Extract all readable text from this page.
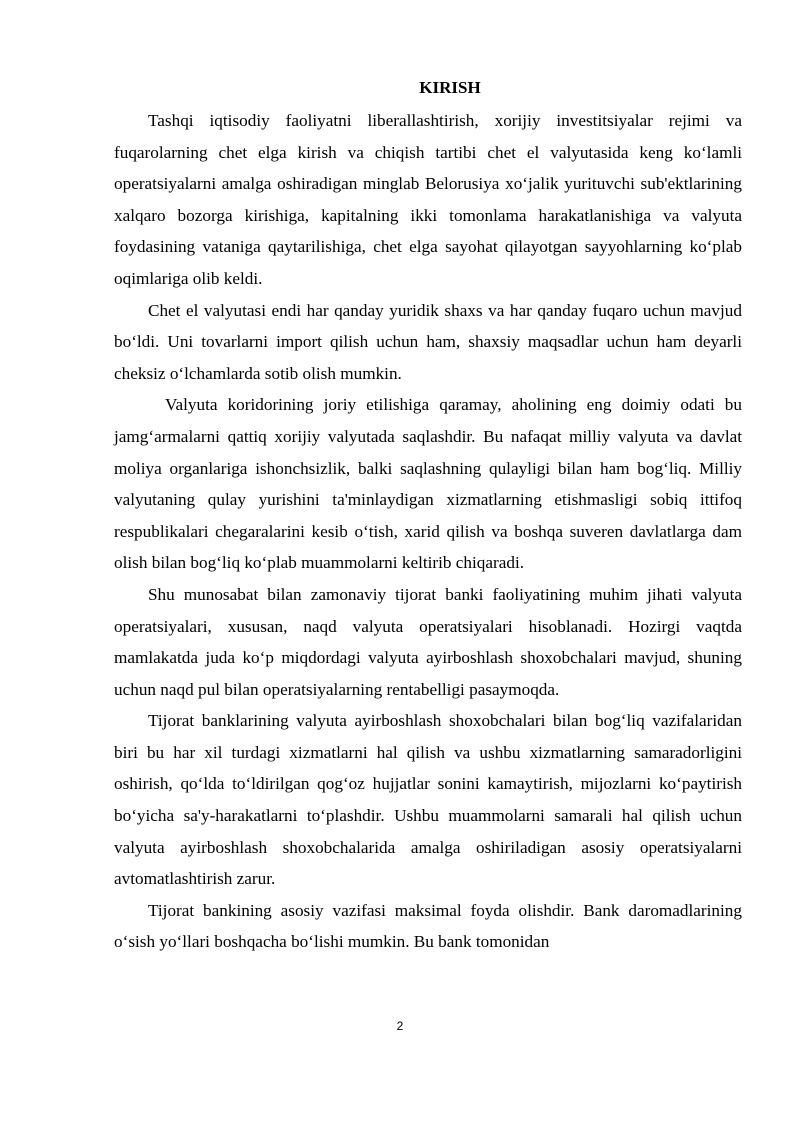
KIRISH

Tashqi iqtisodiy faoliyatni liberallashtirish, xorijiy investitsiyalar rejimi va fuqarolarning chet elga kirish va chiqish tartibi chet el valyutasida keng koʻlamli operatsiyalarni amalga oshiradigan minglab Belorusiya xoʻjalik yurituvchi sub'ektlarining xalqaro bozorga kirishiga, kapitalning ikki tomonlama harakatlanishiga va valyuta foydasining vataniga qaytarilishiga, chet elga sayohat qilayotgan sayyohlarning koʻplab oqimlariga olib keldi.

Chet el valyutasi endi har qanday yuridik shaxs va har qanday fuqaro uchun mavjud boʻldi. Uni tovarlarni import qilish uchun ham, shaxsiy maqsadlar uchun ham deyarli cheksiz oʻlchamlarda sotib olish mumkin.

Valyuta koridorining joriy etilishiga qaramay, aholining eng doimiy odati bu jamgʻarmalarni qattiq xorijiy valyutada saqlashdir. Bu nafaqat milliy valyuta va davlat moliya organlariga ishonchsizlik, balki saqlashning qulayligi bilan ham bogʻliq. Milliy valyutaning qulay yurishini ta'minlaydigan xizmatlarning etishmasligi sobiq ittifoq respublikalari chegaralarini kesib oʻtish, xarid qilish va boshqa suveren davlatlarga dam olish bilan bogʻliq koʻplab muammolarni keltirib chiqaradi.

Shu munosabat bilan zamonaviy tijorat banki faoliyatining muhim jihati valyuta operatsiyalari, xususan, naqd valyuta operatsiyalari hisoblanadi. Hozirgi vaqtda mamlakatda juda koʻp miqdordagi valyuta ayirboshlash shoxobchalari mavjud, shuning uchun naqd pul bilan operatsiyalarning rentabelligi pasaymoqda.

Tijorat banklarining valyuta ayirboshlash shoxobchalari bilan bogʻliq vazifalaridan biri bu har xil turdagi xizmatlarni hal qilish va ushbu xizmatlarning samaradorligini oshirish, qoʻlda toʻldirilgan qogʻoz hujjatlar sonini kamaytirish, mijozlarni koʻpaytirish boʻyicha sa'y-harakatlarni toʻplashdir. Ushbu muammolarni samarali hal qilish uchun valyuta ayirboshlash shoxobchalarida amalga oshiriladigan asosiy operatsiyalarni avtomatlashtirish zarur.

Tijorat bankining asosiy vazifasi maksimal foyda olishdir. Bank daromadlarining oʻsish yoʻllari boshqacha boʻlishi mumkin. Bu bank tomonidan

2
